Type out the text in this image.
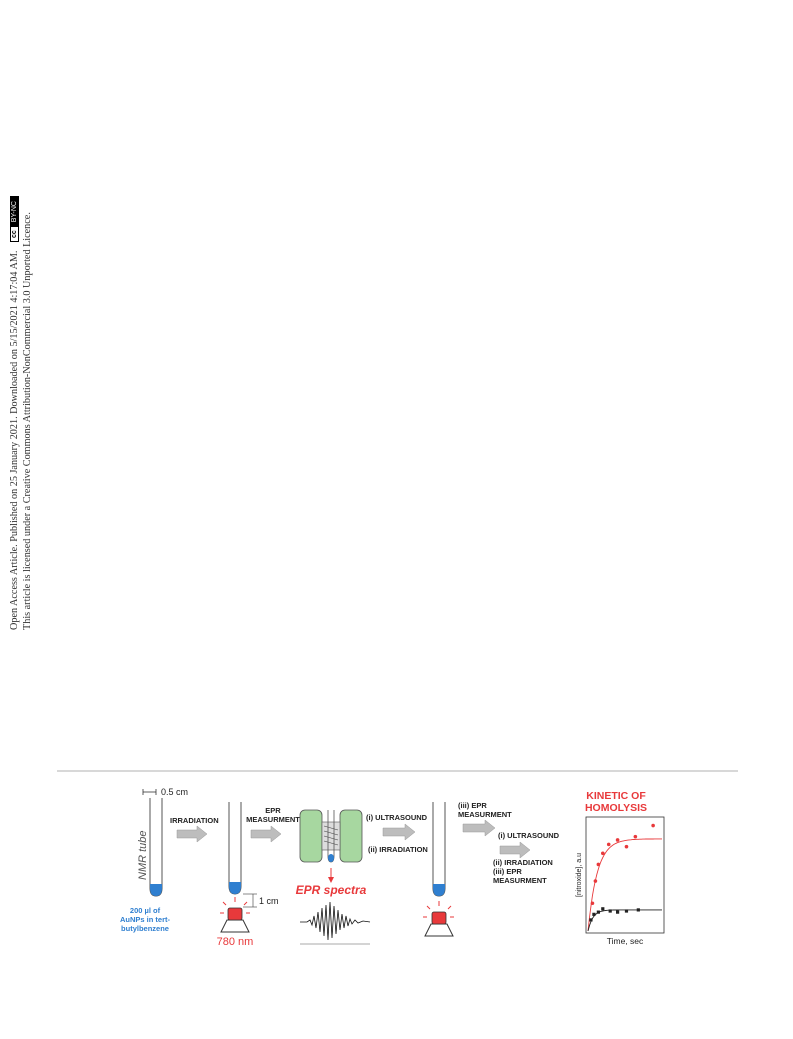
Open Access Article. Published on 25 January 2021. Downloaded on 5/15/2021 4:17:04 AM. ccBY-NC
This article is licensed under a Creative Commons Attribution-NonCommercial 3.0 Unported Licence.
0.5 cm
NMR tube
200 µl of
AuNPs in tert-
butylbenzene
IRRADIATION
1 cm
780 nm
EPR
MEASURMENT
EPR spectra
(i) ULTRASOUND
(ii) IRRADIATION
(iii) EPR
MEASURMENT
(i) ULTRASOUND
(ii) IRRADIATION
(iii) EPR
MEASURMENT
KINETIC OF
HOMOLYSIS
[nitroxide], a.u
Time, sec
